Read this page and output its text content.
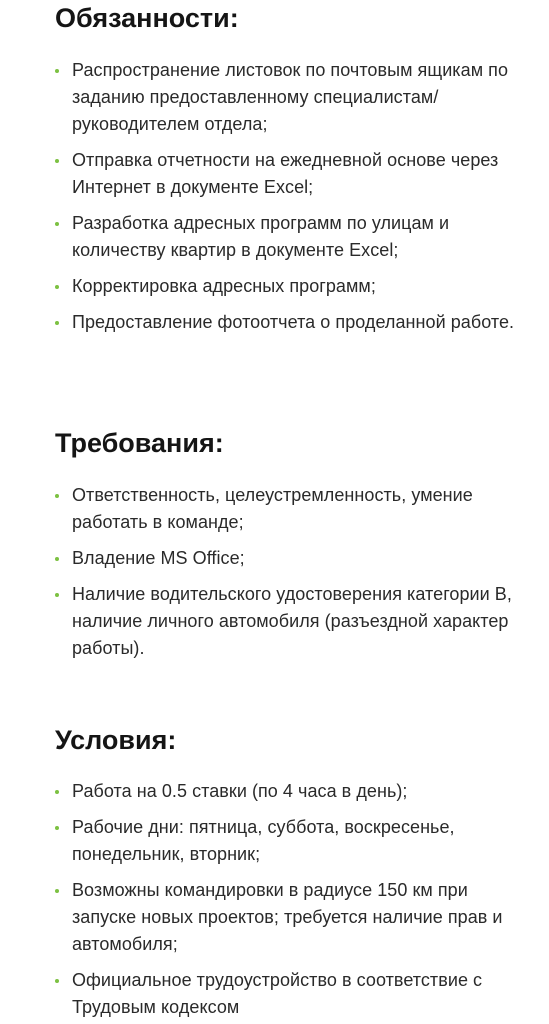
Обязанности:
Распространение листовок по почтовым ящикам по заданию предоставленному специалистам/руководителем отдела;
Отправка отчетности на ежедневной основе через Интернет в документе Excel;
Разработка адресных программ по улицам и количеству квартир в документе Excel;
Корректировка адресных программ;
Предоставление фотоотчета о проделанной работе.
Требования:
Ответственность, целеустремленность, умение работать в команде;
Владение MS Office;
Наличие водительского удостоверения категории B, наличие личного автомобиля (разъездной характер работы).
Условия:
Работа на 0.5 ставки (по 4 часа в день);
Рабочие дни: пятница, суббота, воскресенье, понедельник, вторник;
Возможны командировки в радиусе 150 км при запуске новых проектов; требуется наличие прав и автомобиля;
Официальное трудоустройство в соответствие с Трудовым кодексом
